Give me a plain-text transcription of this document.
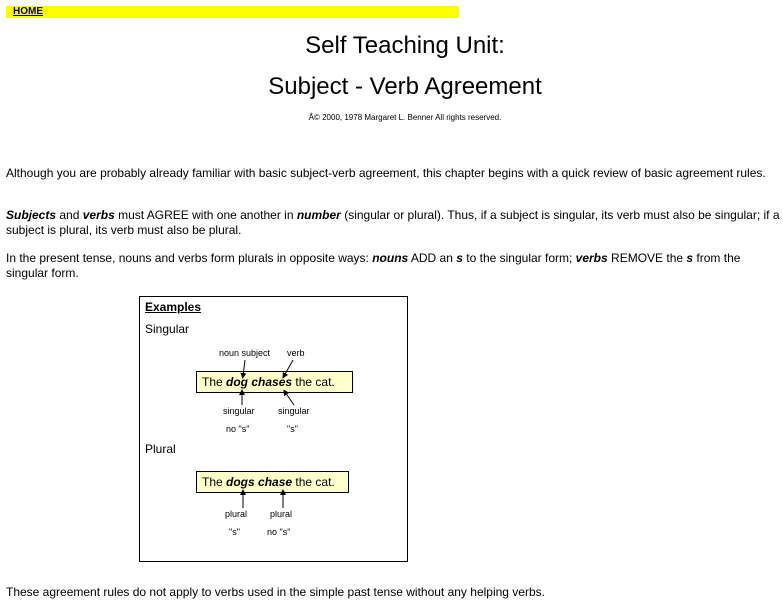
HOME
Self Teaching Unit:
Subject - Verb Agreement
Â© 2000, 1978 Margaret L. Benner All rights reserved.

Although you are probably already familiar with basic subject-verb agreement, this chapter begins with a quick review of basic agreement rules.

Subjects and verbs must AGREE with one another in number (singular or plural). Thus, if a subject is singular, its verb must also be singular; if a subject is plural, its verb must also be plural.

In the present tense, nouns and verbs form plurals in opposite ways: nouns ADD an s to the singular form; verbs REMOVE the s from the singular form.

Examples
Singular
noun subject verb
The dog chases the cat.
singular
no "s"
singular
"s"
Plural
The dogs chase the cat.
plural
"s"
plural
no "s"

These agreement rules do not apply to verbs used in the simple past tense without any helping verbs.
